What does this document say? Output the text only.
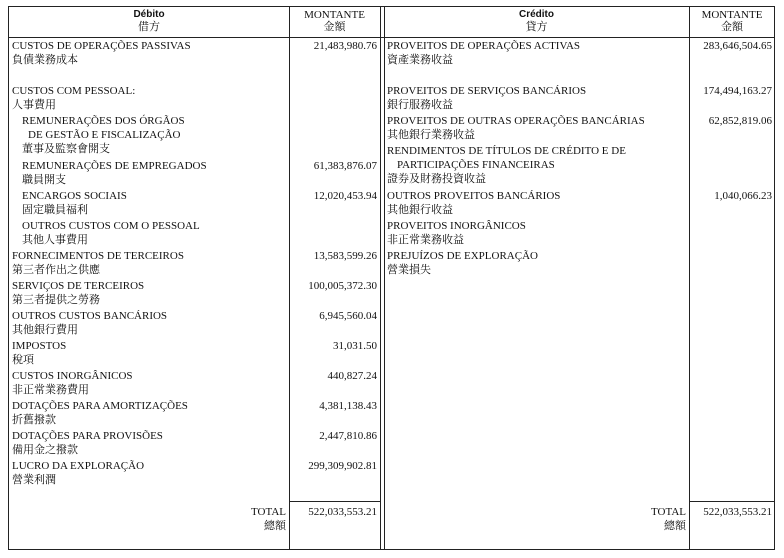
Débito
借方
MONTANTE
金額
Crédito
貸方
MONTANTE
金額
CUSTOS DE OPERAÇÕES PASSIVAS
負債業務成本
21,483,980.76
CUSTOS COM PESSOAL:
人事費用
REMUNERAÇÕES DOS ÓRGÃOS
DE GESTÃO E FISCALIZAÇÃO
董事及監察會開支
REMUNERAÇÕES DE EMPREGADOS
職員開支
61,383,876.07
ENCARGOS SOCIAIS
固定職員福利
12,020,453.94
OUTROS CUSTOS COM O PESSOAL
其他人事費用
FORNECIMENTOS DE TERCEIROS
第三者作出之供應
13,583,599.26
SERVIÇOS DE TERCEIROS
第三者提供之勞務
100,005,372.30
OUTROS CUSTOS BANCÁRIOS
其他銀行費用
6,945,560.04
IMPOSTOS
稅項
31,031.50
CUSTOS INORGÂNICOS
非正常業務費用
440,827.24
DOTAÇÕES PARA AMORTIZAÇÕES
折舊撥款
4,381,138.43
DOTAÇÕES PARA PROVISÕES
備用金之撥款
2,447,810.86
LUCRO DA EXPLORAÇÃO
營業利潤
299,309,902.81
PROVEITOS DE OPERAÇÕES ACTIVAS
資產業務收益
283,646,504.65
PROVEITOS DE SERVIÇOS BANCÁRIOS
銀行服務收益
174,494,163.27
PROVEITOS DE OUTRAS OPERAÇÕES BANCÁRIAS
其他銀行業務收益
62,852,819.06
RENDIMENTOS DE TÍTULOS DE CRÉDITO E DE
PARTICIPAÇÕES FINANCEIRAS
證券及財務投資收益
OUTROS PROVEITOS BANCÁRIOS
其他銀行收益
1,040,066.23
PROVEITOS INORGÂNICOS
非正常業務收益
PREJUÍZOS DE EXPLORAÇÃO
營業損失
TOTAL
總額
522,033,553.21	TOTAL
總額
522,033,553.21
